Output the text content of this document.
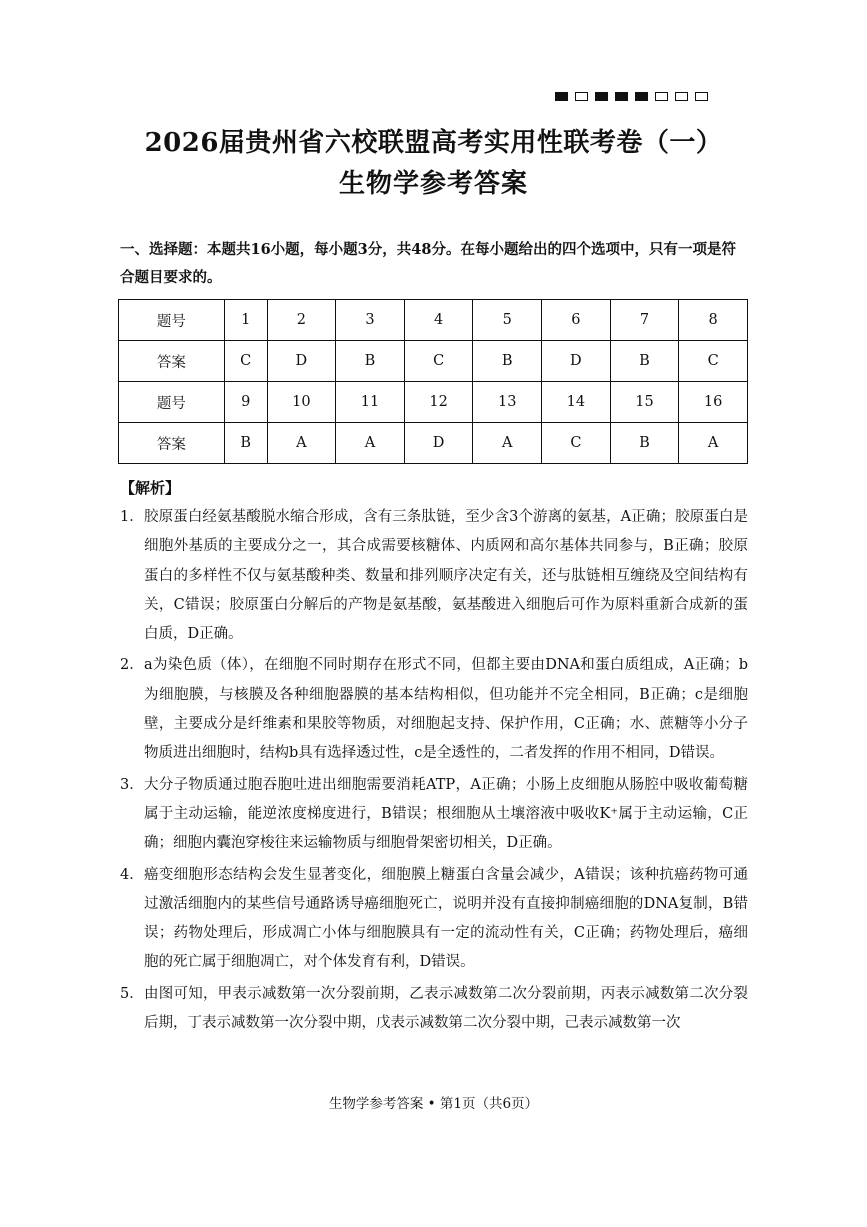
2026届贵州省六校联盟高考实用性联考卷（一）
生物学参考答案
一、选择题：本题共16小题，每小题3分，共48分。在每小题给出的四个选项中，只有一项是符合题目要求的。
题号	1	2	3	4	5	6	7	8
答案	C	D	B	C	B	D	B	C
题号	9	10	11	12	13	14	15	16
答案	B	A	A	D	A	C	B	A
【解析】
1． 胶原蛋白经氨基酸脱水缩合形成，含有三条肽链，至少含3个游离的氨基，A正确；胶原蛋白是细胞外基质的主要成分之一，其合成需要核糖体、内质网和高尔基体共同参与，B正确；胶原蛋白的多样性不仅与氨基酸种类、数量和排列顺序决定有关，还与肽链相互缠绕及空间结构有关，C错误；胶原蛋白分解后的产物是氨基酸，氨基酸进入细胞后可作为原料重新合成新的蛋白质，D正确。
2． a为染色质（体），在细胞不同时期存在形式不同，但都主要由DNA和蛋白质组成，A正确；b为细胞膜，与核膜及各种细胞器膜的基本结构相似，但功能并不完全相同，B正确；c是细胞壁，主要成分是纤维素和果胶等物质，对细胞起支持、保护作用，C正确；水、蔗糖等小分子物质进出细胞时，结构b具有选择透过性，c是全透性的，二者发挥的作用不相同，D错误。
3． 大分子物质通过胞吞胞吐进出细胞需要消耗ATP，A正确；小肠上皮细胞从肠腔中吸收葡萄糖属于主动运输，能逆浓度梯度进行，B错误；根细胞从土壤溶液中吸收K⁺属于主动运输，C正确；细胞内囊泡穿梭往来运输物质与细胞骨架密切相关，D正确。
4． 癌变细胞形态结构会发生显著变化，细胞膜上糖蛋白含量会减少，A错误；该种抗癌药物可通过激活细胞内的某些信号通路诱导癌细胞死亡，说明并没有直接抑制癌细胞的DNA复制，B错误；药物处理后，形成凋亡小体与细胞膜具有一定的流动性有关，C正确；药物处理后，癌细胞的死亡属于细胞凋亡，对个体发育有利，D错误。
5． 由图可知，甲表示减数第一次分裂前期，乙表示减数第二次分裂前期，丙表示减数第二次分裂后期，丁表示减数第一次分裂中期，戊表示减数第二次分裂中期，己表示减数第一次
生物学参考答案 • 第1页（共6页）
